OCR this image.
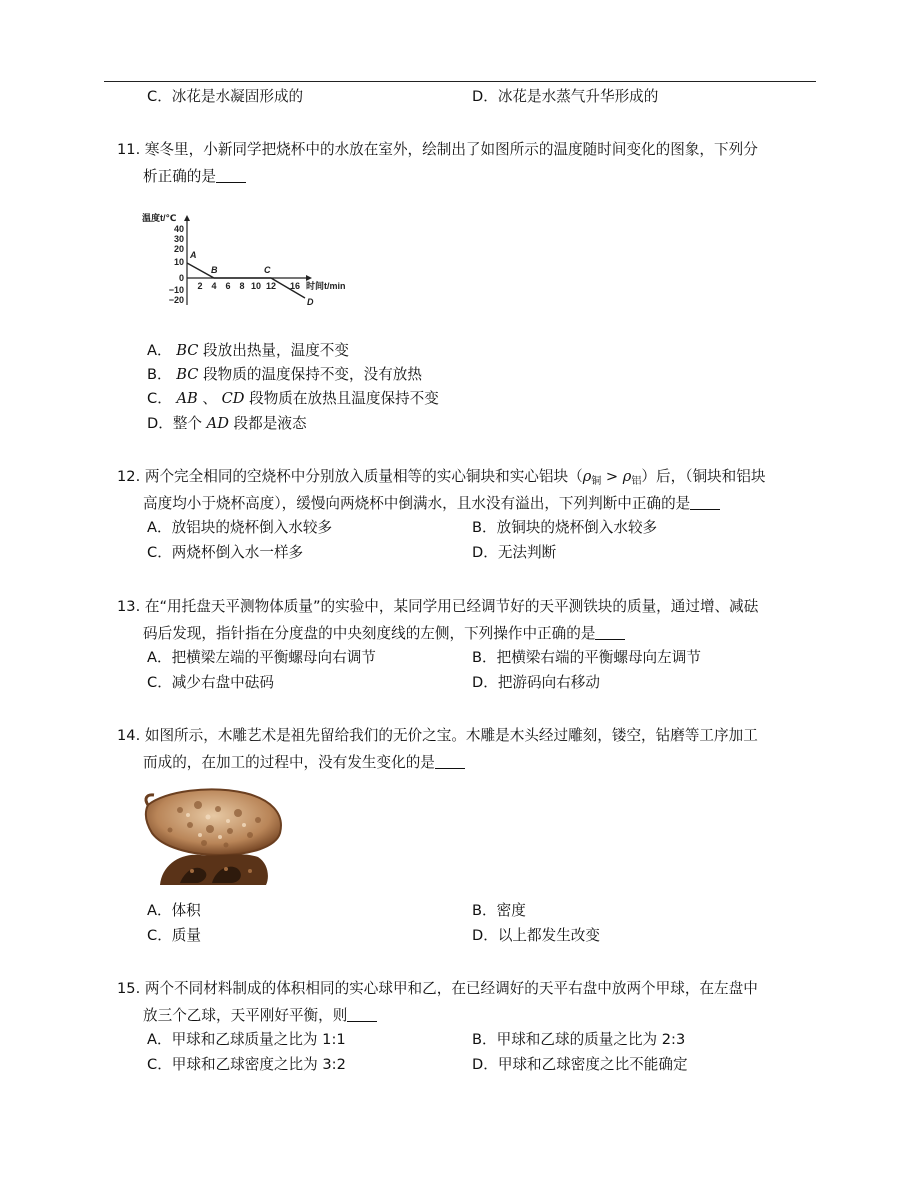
C．冰花是水凝固形成的	D．冰花是水蒸气升华形成的
11. 寒冬里，小新同学把烧杯中的水放在室外，绘制出了如图所示的温度随时间变化的图象，下列分
析正确的是
温度t/℃
40
30
20
10
0
−10
−20
2 4 6 8 10 12 16 时间t/min
A
B	C
D
A． BC 段放出热量，温度不变
B． BC 段物质的温度保持不变，没有放热
C． AB 、 CD 段物质在放热且温度保持不变
D．整个 AD 段都是液态
12. 两个完全相同的空烧杯中分别放入质量相等的实心铜块和实心铝块$(\rho_铜 > \rho_铝)$后，（铜块和铝块
高度均小于烧杯高度），缓慢向两烧杯中倒满水，且水没有溢出，下列判断中正确的是
A．放铝块的烧杯倒入水较多	B．放铜块的烧杯倒入水较多
C．两烧杯倒入水一样多	D．无法判断
13. 在“用托盘天平测物体质量”的实验中，某同学用已经调节好的天平测铁块的质量，通过增、减砝
码后发现，指针指在分度盘的中央刻度线的左侧，下列操作中正确的是
A．把横梁左端的平衡螺母向右调节	B．把横梁右端的平衡螺母向左调节
C．减少右盘中砝码	D．把游码向右移动
14. 如图所示，木雕艺术是祖先留给我们的无价之宝。木雕是木头经过雕刻，镂空，钻磨等工序加工
而成的，在加工的过程中，没有发生变化的是
A．体积	B．密度
C．质量	D．以上都发生改变
15. 两个不同材料制成的体积相同的实心球甲和乙，在已经调好的天平右盘中放两个甲球，在左盘中
放三个乙球，天平刚好平衡，则
A．甲球和乙球质量之比为 1:1	B．甲球和乙球的质量之比为 2:3
C．甲球和乙球密度之比为 3:2	D．甲球和乙球密度之比不能确定
